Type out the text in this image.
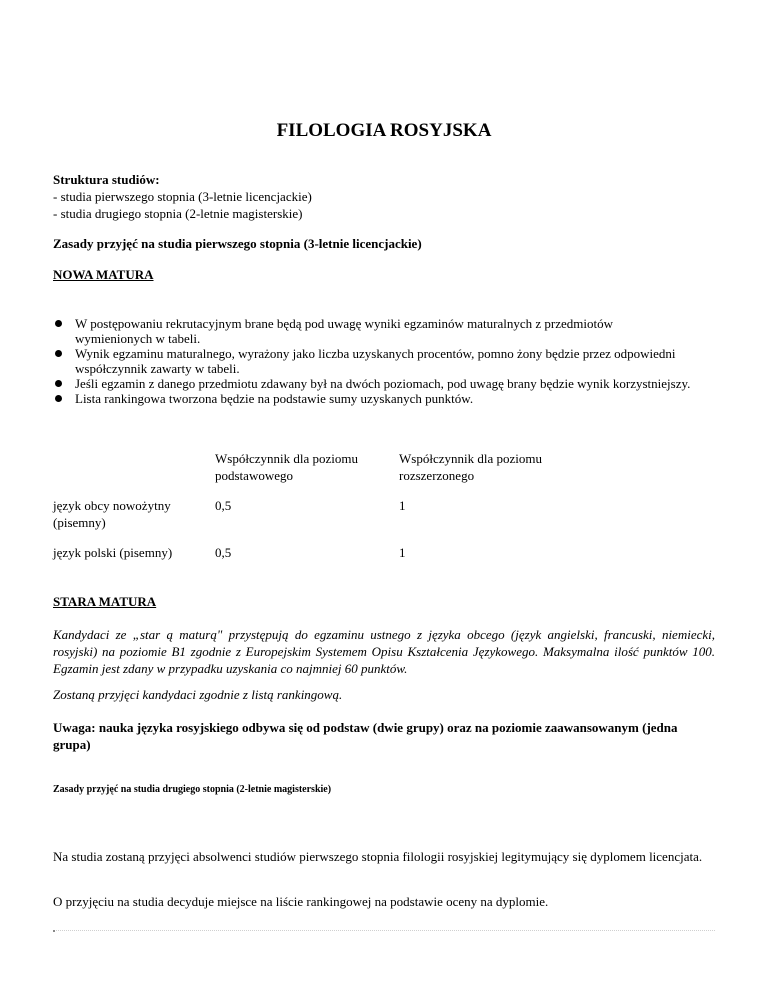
FILOLOGIA ROSYJSKA
Struktura studiów:
- studia pierwszego stopnia (3-letnie licencjackie)
- studia drugiego stopnia (2-letnie magisterskie)
Zasady przyjęć na studia pierwszego stopnia (3-letnie licencjackie)
NOWA MATURA
W postępowaniu rekrutacyjnym brane będą pod uwagę wyniki egzaminów maturalnych z przedmiotów wymienionych w tabeli.
Wynik egzaminu maturalnego, wyrażony jako liczba uzyskanych procentów, pomno żony będzie przez odpowiedni współczynnik zawarty w tabeli.
Jeśli egzamin z danego przedmiotu zdawany był na dwóch poziomach, pod uwagę brany będzie wynik korzystniejszy.
Lista rankingowa tworzona będzie na podstawie sumy uzyskanych punktów.
	Współczynnik dla poziomu podstawowego	Współczynnik dla poziomu rozszerzonego
język obcy nowożytny (pisemny)	0,5	1
język polski (pisemny)	0,5	1
STARA MATURA
Kandydaci ze „star ą maturą" przystępują do egzaminu ustnego z języka obcego (język angielski, francuski, niemiecki, rosyjski) na poziomie B1 zgodnie z Europejskim Systemem Opisu Kształcenia Językowego. Maksymalna ilość punktów 100. Egzamin jest zdany w przypadku uzyskania co najmniej 60 punktów.
Zostaną przyjęci kandydaci zgodnie z listą rankingową.
Uwaga: nauka języka rosyjskiego odbywa się od podstaw (dwie grupy) oraz na poziomie zaawansowanym (jedna grupa)
Zasady przyjęć na studia drugiego stopnia (2-letnie magisterskie)
Na studia zostaną przyjęci absolwenci studiów pierwszego stopnia filologii rosyjskiej legitymujący się dyplomem licencjata.
O przyjęciu na studia decyduje miejsce na liście rankingowej na podstawie oceny na dyplomie.
